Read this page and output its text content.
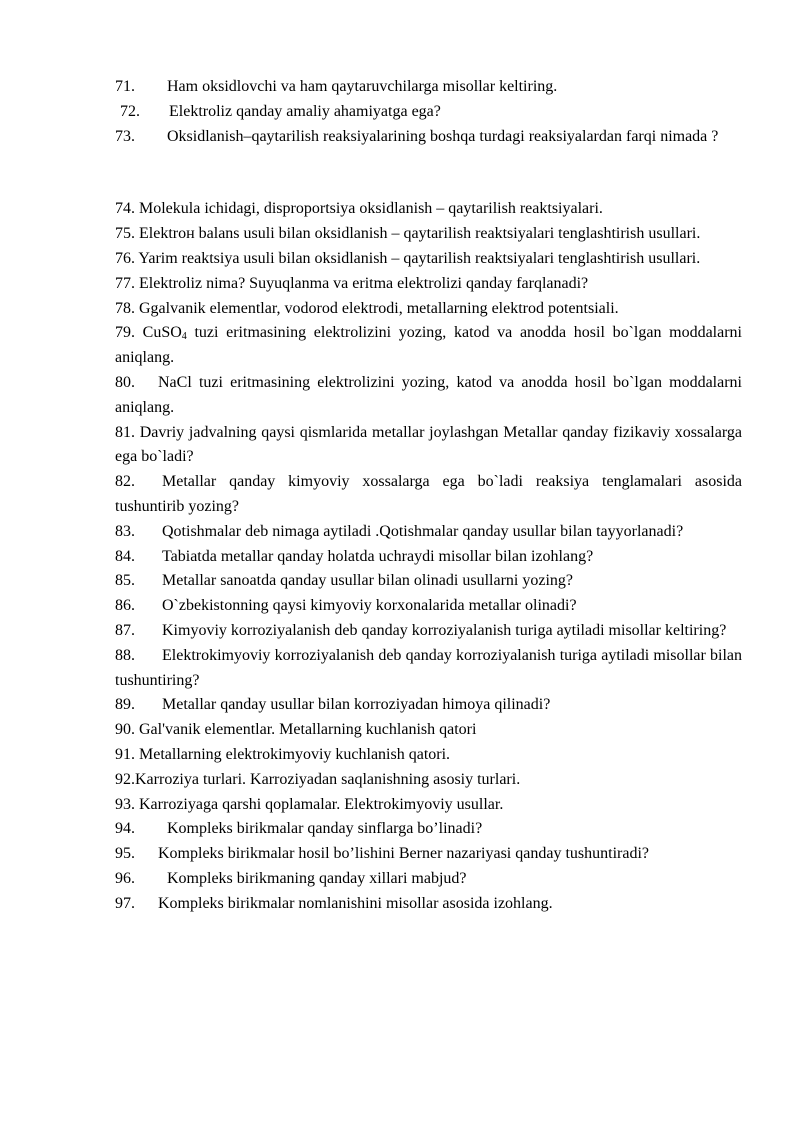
71. Ham oksidlovchi va ham qaytaruvchilarga misollar keltiring.

72. Elektroliz qanday amaliy ahamiyatga ega?

73. Oksidlanish–qaytarilish reaksiyalarining boshqa turdagi reaksiyalardan farqi nimada ?

74. Molekula ichidagi, disproportsiya oksidlanish – qaytarilish reaktsiyalari.

75. Elektroн balans usuli bilan oksidlanish – qaytarilish reaktsiyalari tenglashtirish usullari.

76. Yarim reaktsiya usuli bilan oksidlanish – qaytarilish reaktsiyalari tenglashtirish usullari.

77. Elektroliz nima? Suyuqlanma va eritma elektrolizi qanday farqlanadi?

78. Ggalvanik elementlar, vodorod elektrodi, metallarning elektrod potentsiali.

79. CuSO$_4$ tuzi eritmasining elektrolizini yozing, katod va anodda hosil bo`lgan moddalarni aniqlang.

80. NaCl tuzi eritmasining elektrolizini yozing, katod va anodda hosil bo`lgan moddalarni aniqlang.

81. Davriy jadvalning qaysi qismlarida metallar joylashgan Metallar qanday fizikaviy xossalarga ega bo`ladi?

82. Metallar qanday kimyoviy xossalarga ega bo`ladi reaksiya tenglamalari asosida tushuntirib yozing?

83. Qotishmalar deb nimaga aytiladi .Qotishmalar qanday usullar bilan tayyorlanadi?

84. Tabiatda metallar qanday holatda uchraydi misollar bilan izohlang?

85. Metallar sanoatda qanday usullar bilan olinadi usullarni yozing?

86. O`zbekistonning qaysi kimyoviy korxonalarida metallar olinadi?

87. Kimyoviy korroziyalanish deb qanday korroziyalanish turiga aytiladi misollar keltiring?

88. Elektrokimyoviy korroziyalanish deb qanday korroziyalanish turiga aytiladi misollar bilan tushuntiring?

89. Metallar qanday usullar bilan korroziyadan himoya qilinadi?

90. Gal'vanik elementlar. Metallarning kuchlanish qatori

91. Metallarning elektrokimyoviy kuchlanish qatori.

92.Karroziya turlari. Karroziyadan saqlanishning asosiy turlari.

93. Karroziyaga qarshi qoplamalar. Elektrokimyoviy usullar.

94. Kompleks birikmalar qanday sinflarga bo’linadi?

95. Kompleks birikmalar hosil bo’lishini Berner nazariyasi qanday tushuntiradi?

96. Kompleks birikmaning qanday xillari mabjud?

97. Kompleks birikmalar nomlanishini misollar asosida izohlang.
